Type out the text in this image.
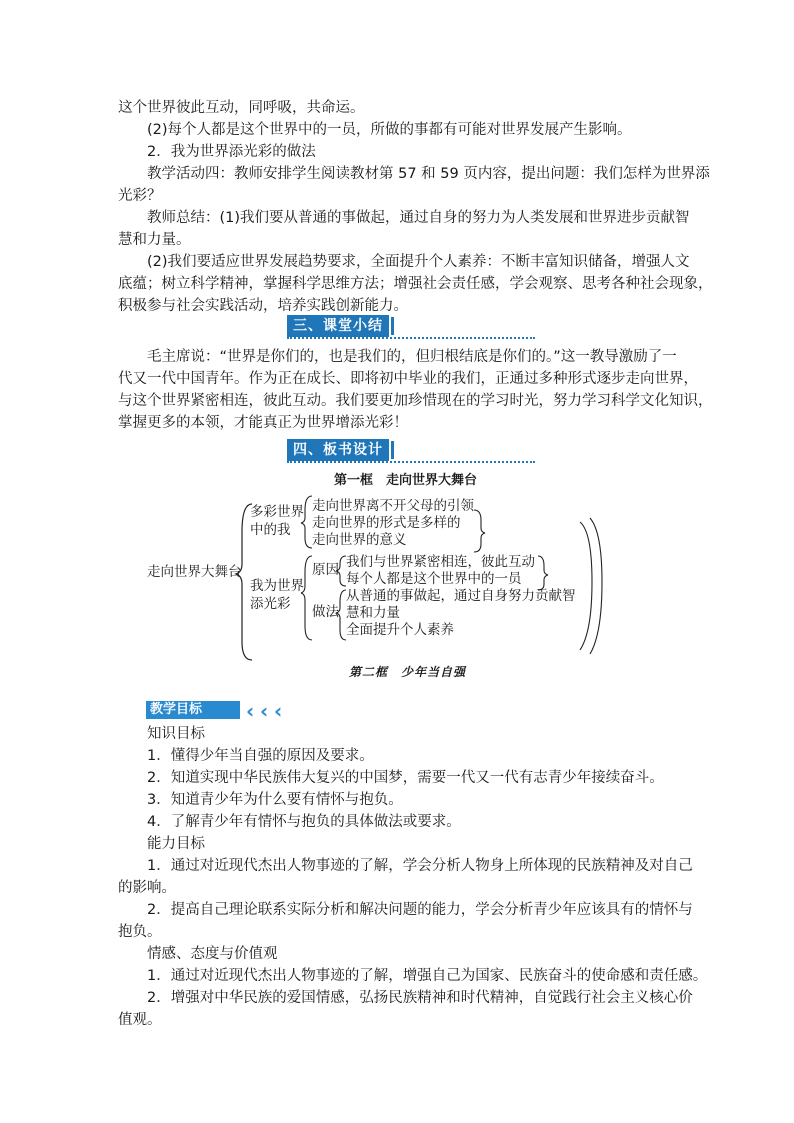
这个世界彼此互动，同呼吸，共命运。
(2)每个人都是这个世界中的一员，所做的事都有可能对世界发展产生影响。
2．我为世界添光彩的做法
教学活动四：教师安排学生阅读教材第 57 和 59 页内容，提出问题：我们怎样为世界添
光彩？
教师总结：(1)我们要从普通的事做起，通过自身的努力为人类发展和世界进步贡献智
慧和力量。
(2)我们要适应世界发展趋势要求，全面提升个人素养：不断丰富知识储备，增强人文
底蕴；树立科学精神，掌握科学思维方法；增强社会责任感，学会观察、思考各种社会现象，
积极参与社会实践活动，培养实践创新能力。
三、课堂小结
毛主席说：“世界是你们的，也是我们的，但归根结底是你们的。”这一教导激励了一
代又一代中国青年。作为正在成长、即将初中毕业的我们，正通过多种形式逐步走向世界，
与这个世界紧密相连，彼此互动。我们要更加珍惜现在的学习时光，努力学习科学文化知识，
掌握更多的本领，才能真正为世界增添光彩！
四、板书设计
第一框　走向世界大舞台
走向世界大舞台
多彩世界
中的我
走向世界离不开父母的引领
走向世界的形式是多样的
走向世界的意义
我为世界
添光彩
原因 我们与世界紧密相连，彼此互动
每个人都是这个世界中的一员
做法
从普通的事做起，通过自身努力贡献智
慧和力量
全面提升个人素养
第二框　少年当自强
教学目标	‹ ‹ ‹ ‹
知识目标
1．懂得少年当自强的原因及要求。
2．知道实现中华民族伟大复兴的中国梦，需要一代又一代有志青少年接续奋斗。
3．知道青少年为什么要有情怀与抱负。
4．了解青少年有情怀与抱负的具体做法或要求。
能力目标
1．通过对近现代杰出人物事迹的了解，学会分析人物身上所体现的民族精神及对自己
的影响。
2．提高自己理论联系实际分析和解决问题的能力，学会分析青少年应该具有的情怀与
抱负。
情感、态度与价值观
1．通过对近现代杰出人物事迹的了解，增强自己为国家、民族奋斗的使命感和责任感。
2．增强对中华民族的爱国情感，弘扬民族精神和时代精神，自觉践行社会主义核心价
值观。
